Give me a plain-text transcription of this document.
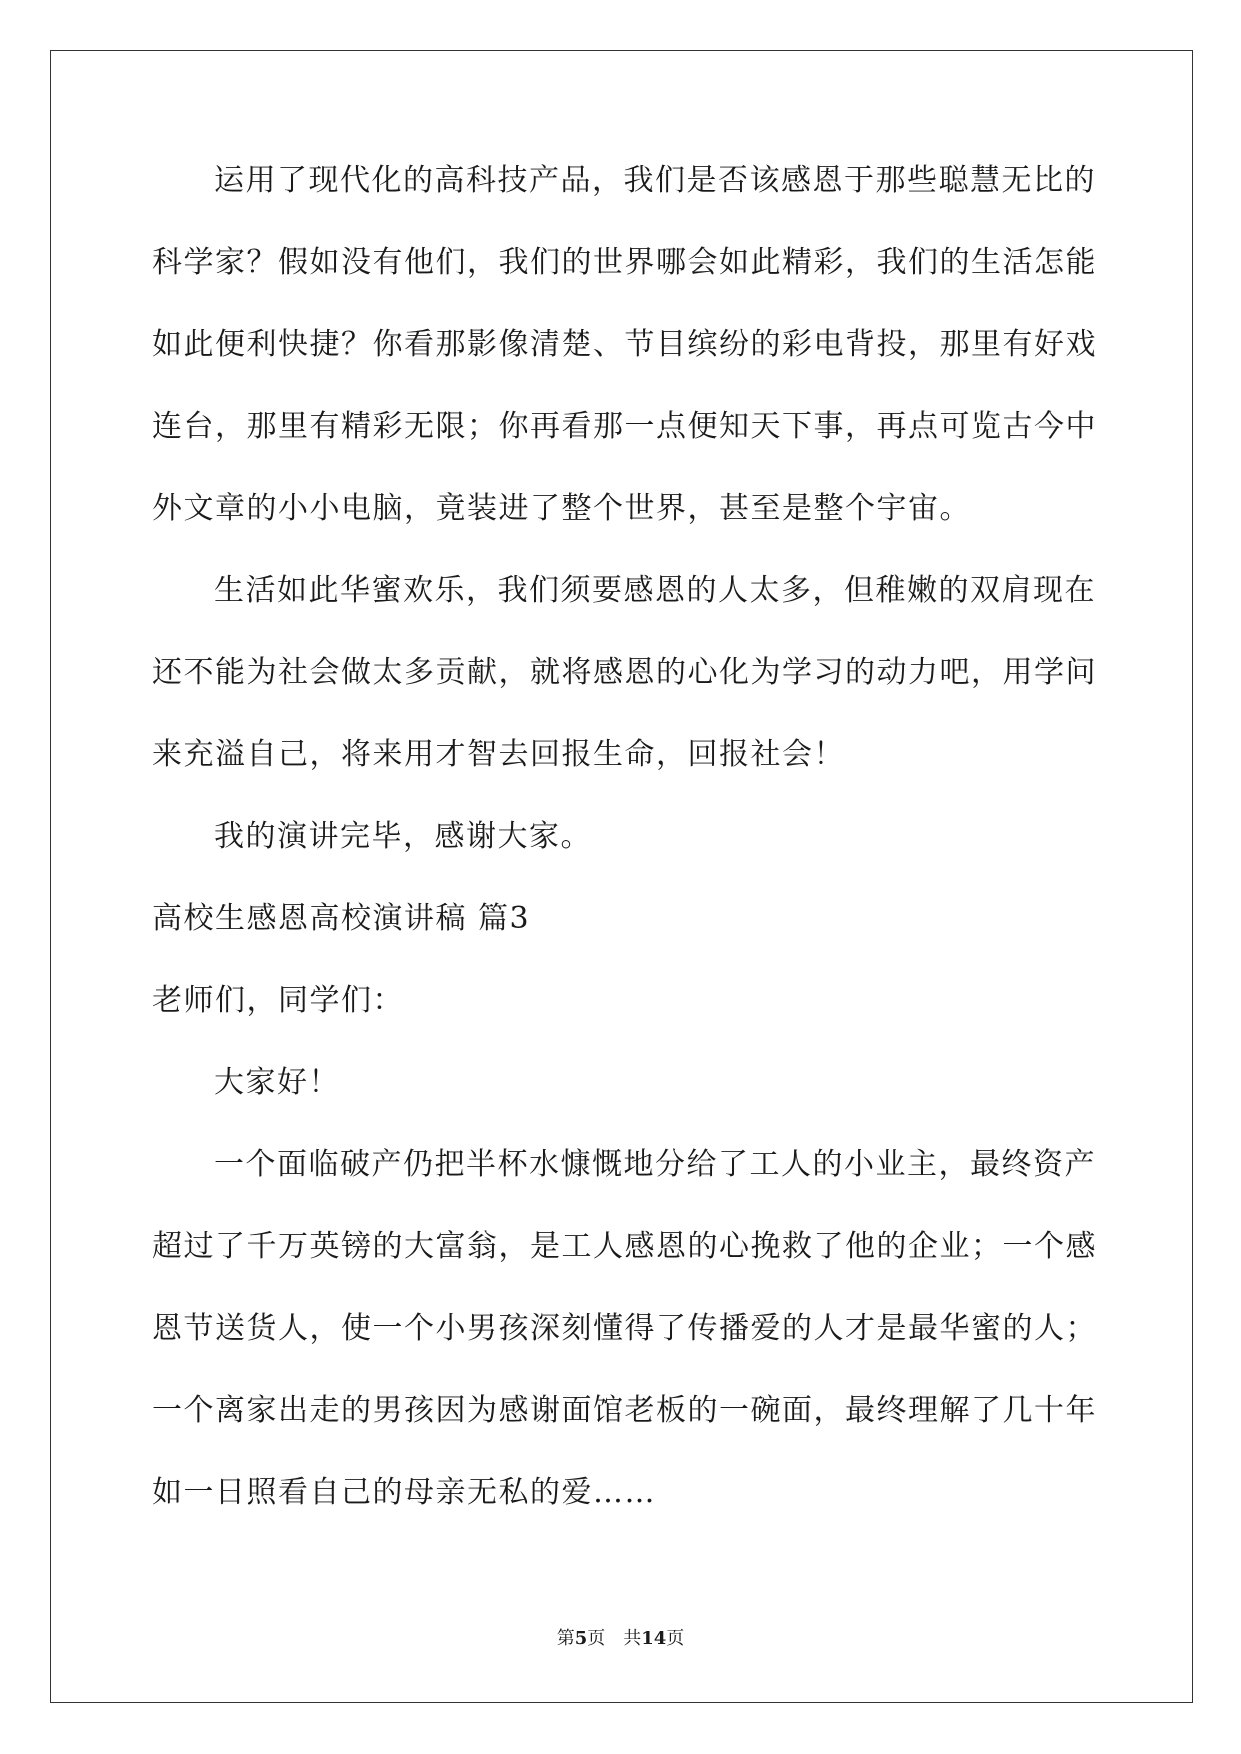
运用了现代化的高科技产品，我们是否该感恩于那些聪慧无比的
科学家？假如没有他们，我们的世界哪会如此精彩，我们的生活怎能
如此便利快捷？你看那影像清楚、节目缤纷的彩电背投，那里有好戏
连台，那里有精彩无限；你再看那一点便知天下事，再点可览古今中
外文章的小小电脑，竟装进了整个世界，甚至是整个宇宙。
生活如此华蜜欢乐，我们须要感恩的人太多，但稚嫩的双肩现在
还不能为社会做太多贡献，就将感恩的心化为学习的动力吧，用学问
来充溢自己，将来用才智去回报生命，回报社会！
我的演讲完毕，感谢大家。
高校生感恩高校演讲稿 篇3
老师们，同学们：
大家好！
一个面临破产仍把半杯水慷慨地分给了工人的小业主，最终资产
超过了千万英镑的大富翁，是工人感恩的心挽救了他的企业；一个感
恩节送货人，使一个小男孩深刻懂得了传播爱的人才是最华蜜的人；
一个离家出走的男孩因为感谢面馆老板的一碗面，最终理解了几十年
如一日照看自己的母亲无私的爱……
第5页 共14页
